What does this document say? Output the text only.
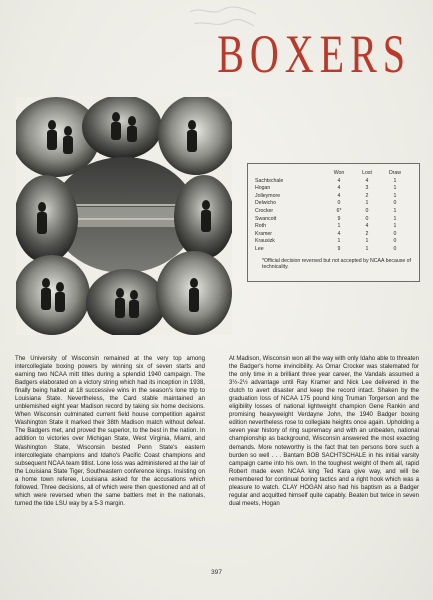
BOXERS
	Won	Lost	Draw
Sachtschale	4	4	1
Hogan	4	3	1
Jolleymore	4	2	1
Delwicho	0	1	0
Crocker	6*	0	1
Swancott	9	0	1
Roth	1	4	1
Kramer	4	2	0
Krausizk	1	1	0
Lee	9	1	0
*Official decision reversed but not accepted by NCAA because of technicality.
The University of Wisconsin remained at the very top among intercollegiate boxing powers by winning six of seven starts and earning two NCAA mitt titles during a splendid 1940 campaign. The Badgers elaborated on a victory string which had its inception in 1938, finally being halted at 18 successive wins in the season's lone trip to Louisiana State. Nevertheless, the Card stable maintained an unblemished eight year Madison record by taking six home decisions. When Wisconsin culminated current field house competition against Washington State it marked their 38th Madison match without defeat. The Badgers met, and proved the superior, to the best in the nation. In addition to victories over Michigan State, West Virginia, Miami, and Washington State, Wisconsin bested Penn State's eastern intercollegiate champions and Idaho's Pacific Coast champions and subsequent NCAA team titlist. Lone loss was administered at the lair of the Louisiana State Tiger, Southeastern conference kings. Insisting on a home town referee, Louisiana asked for the accusations which followed. Three decisions, all of which were then questioned and all of which were reversed when the same battlers met in the nationals, turned the tide LSU way by a 5-3 margin.
At Madison, Wisconsin won all the way with only Idaho able to threaten the Badger's home invincibility. As Omar Crocker was stalemated for the only time in a brilliant three year career, the Vandals assumed a 3½-2½ advantage until Ray Kramer and Nick Lee delivered in the clutch to avert disaster and keep the record intact. Shaken by the graduation loss of NCAA 175 pound king Truman Torgerson and the eligibility losses of national lightweight champion Gene Rankin and promising heavyweight Verdayne John, the 1940 Badger boxing edition nevertheless rose to collegiate heights once again. Upholding a seven year history of ring supremacy and with an unbeaten, national championship as background, Wisconsin answered the most exacting demands. More noteworthy is the fact that ten persons bore such a burden so well . . . Bantam BOB SACHTSCHALE in his initial varsity campaign came into his own. In the toughest weight of them all, rapid Robert made even NCAA king Ted Kara give way, and will be remembered for continual boring tactics and a right hook which was a pleasure to watch. CLAY HOGAN also had his baptism as a Badger regular and acquitted himself quite capably. Beaten but twice in seven dual meets, Hogan
397
